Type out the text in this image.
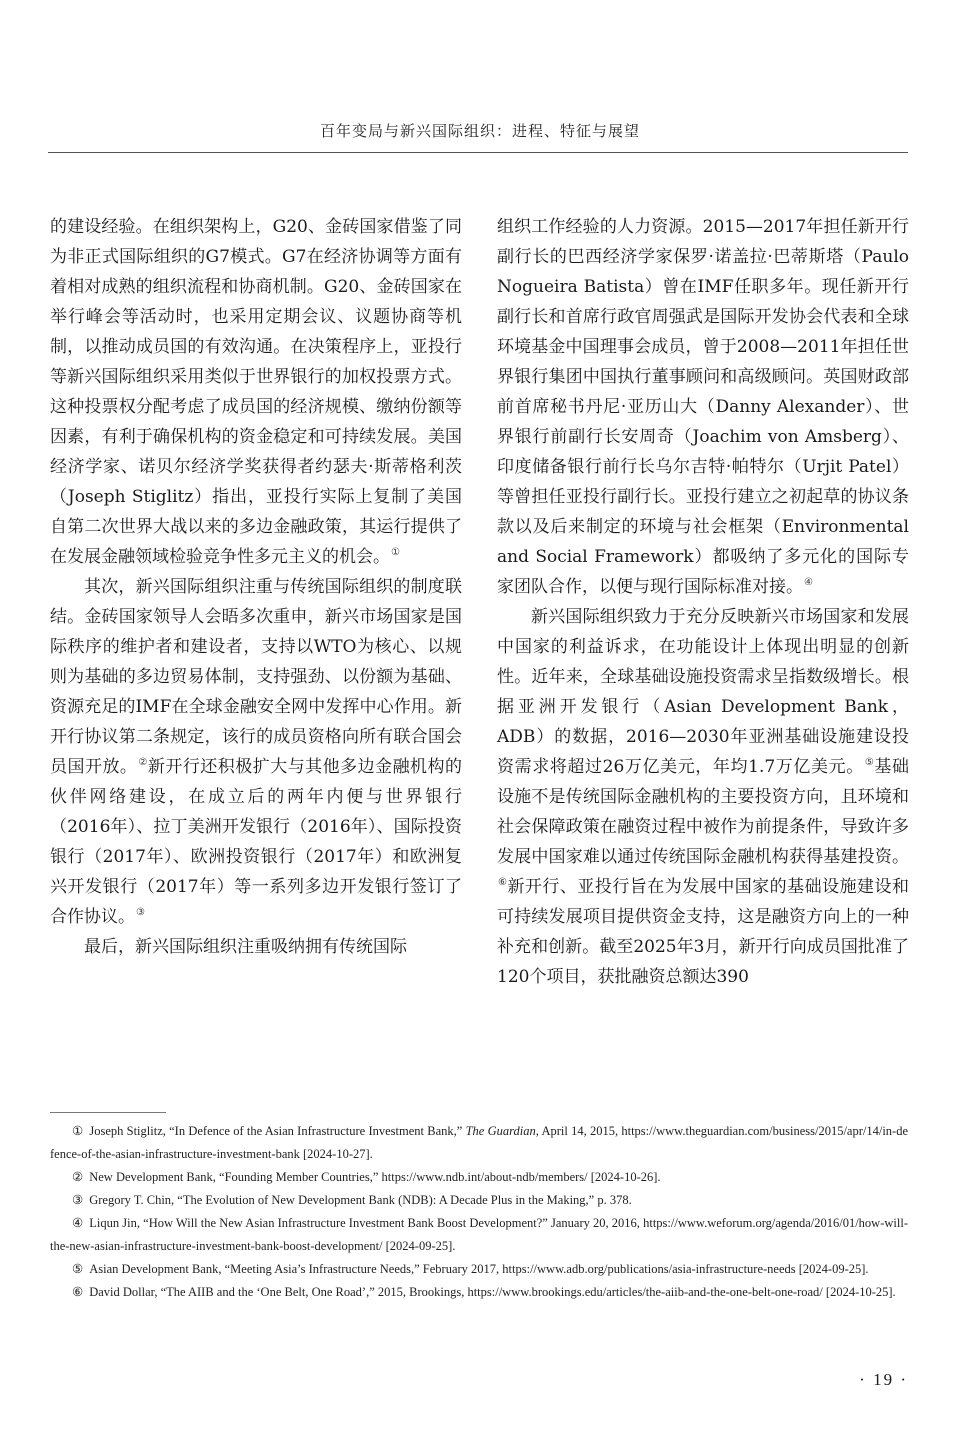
百年变局与新兴国际组织：进程、特征与展望

的建设经验。在组织架构上，G20、金砖国家借鉴了同为非正式国际组织的G7模式。G7在经济协调等方面有着相对成熟的组织流程和协商机制。G20、金砖国家在举行峰会等活动时，也采用定期会议、议题协商等机制，以推动成员国的有效沟通。在决策程序上，亚投行等新兴国际组织采用类似于世界银行的加权投票方式。这种投票权分配考虑了成员国的经济规模、缴纳份额等因素，有利于确保机构的资金稳定和可持续发展。美国经济学家、诺贝尔经济学奖获得者约瑟夫·斯蒂格利茨（Joseph Stiglitz）指出，亚投行实际上复制了美国自第二次世界大战以来的多边金融政策，其运行提供了在发展金融领域检验竞争性多元主义的机会。①

其次，新兴国际组织注重与传统国际组织的制度联结。金砖国家领导人会晤多次重申，新兴市场国家是国际秩序的维护者和建设者，支持以WTO为核心、以规则为基础的多边贸易体制，支持强劲、以份额为基础、资源充足的IMF在全球金融安全网中发挥中心作用。新开行协议第二条规定，该行的成员资格向所有联合国会员国开放。②新开行还积极扩大与其他多边金融机构的伙伴网络建设，在成立后的两年内便与世界银行（2016年）、拉丁美洲开发银行（2016年）、国际投资银行（2017年）、欧洲投资银行（2017年）和欧洲复兴开发银行（2017年）等一系列多边开发银行签订了合作协议。③

最后，新兴国际组织注重吸纳拥有传统国际

组织工作经验的人力资源。2015—2017年担任新开行副行长的巴西经济学家保罗·诺盖拉·巴蒂斯塔（Paulo Nogueira Batista）曾在IMF任职多年。现任新开行副行长和首席行政官周强武是国际开发协会代表和全球环境基金中国理事会成员，曾于2008—2011年担任世界银行集团中国执行董事顾问和高级顾问。英国财政部前首席秘书丹尼·亚历山大（Danny Alexander）、世界银行前副行长安周奇（Joachim von Amsberg）、印度储备银行前行长乌尔吉特·帕特尔（Urjit Patel）等曾担任亚投行副行长。亚投行建立之初起草的协议条款以及后来制定的环境与社会框架（Environmental and Social Framework）都吸纳了多元化的国际专家团队合作，以便与现行国际标准对接。④

新兴国际组织致力于充分反映新兴市场国家和发展中国家的利益诉求，在功能设计上体现出明显的创新性。近年来，全球基础设施投资需求呈指数级增长。根据亚洲开发银行（Asian Development Bank，ADB）的数据，2016—2030年亚洲基础设施建设投资需求将超过26万亿美元，年均1.7万亿美元。⑤基础设施不是传统国际金融机构的主要投资方向，且环境和社会保障政策在融资过程中被作为前提条件，导致许多发展中国家难以通过传统国际金融机构获得基建投资。⑥新开行、亚投行旨在为发展中国家的基础设施建设和可持续发展项目提供资金支持，这是融资方向上的一种补充和创新。截至2025年3月，新开行向成员国批准了120个项目，获批融资总额达390

① Joseph Stiglitz, “In Defence of the Asian Infrastructure Investment Bank,” The Guardian, April 14, 2015, https://www.theguardian.com/business/2015/apr/14/in-defence-of-the-asian-infrastructure-investment-bank [2024-10-27].
② New Development Bank, “Founding Member Countries,” https://www.ndb.int/about-ndb/members/ [2024-10-26].
③ Gregory T. Chin, “The Evolution of New Development Bank (NDB): A Decade Plus in the Making,” p. 378.
④ Liqun Jin, “How Will the New Asian Infrastructure Investment Bank Boost Development?” January 20, 2016, https://www.weforum.org/agenda/2016/01/how-will-the-new-asian-infrastructure-investment-bank-boost-development/ [2024-09-25].
⑤ Asian Development Bank, “Meeting Asia’s Infrastructure Needs,” February 2017, https://www.adb.org/publications/asia-infrastructure-needs [2024-09-25].
⑥ David Dollar, “The AIIB and the ‘One Belt, One Road’,” 2015, Brookings, https://www.brookings.edu/articles/the-aiib-and-the-one-belt-one-road/ [2024-10-25].
· 19 ·
